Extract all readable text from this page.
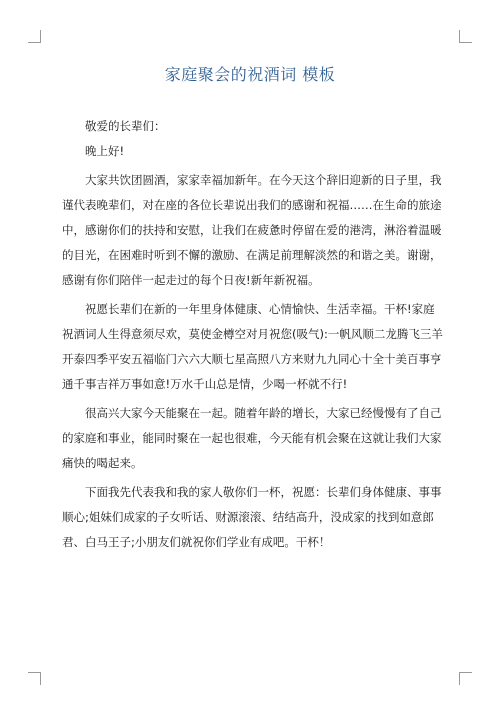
家庭聚会的祝酒词 模板

敬爱的长辈们：

晚上好!

大家共饮团圆酒，家家幸福加新年。在今天这个辞旧迎新的日子里，我谨代表晚辈们，对在座的各位长辈说出我们的感谢和祝福……在生命的旅途中，感谢你们的扶持和安慰，让我们在疲惫时停留在爱的港湾，淋浴着温暖的目光，在困难时听到不懈的激励、在满足前理解淡然的和谐之美。谢谢，感谢有你们陪伴一起走过的每个日夜!新年新祝福。

祝愿长辈们在新的一年里身体健康、心情愉快、生活幸福。干杯!家庭祝酒词人生得意须尽欢，莫使金樽空对月祝您(吸气):一帆风顺二龙腾飞三羊开泰四季平安五福临门六六大顺七星高照八方来财九九同心十全十美百事亨通千事吉祥万事如意!万水千山总是情，少喝一杯就不行!

很高兴大家今天能聚在一起。随着年龄的增长，大家已经慢慢有了自己的家庭和事业，能同时聚在一起也很难，今天能有机会聚在这就让我们大家痛快的喝起来。

下面我先代表我和我的家人敬你们一杯，祝愿：长辈们身体健康、事事顺心;姐妹们成家的子女听话、财源滚滚、结结高升，没成家的找到如意郎君、白马王子;小朋友们就祝你们学业有成吧。干杯！
